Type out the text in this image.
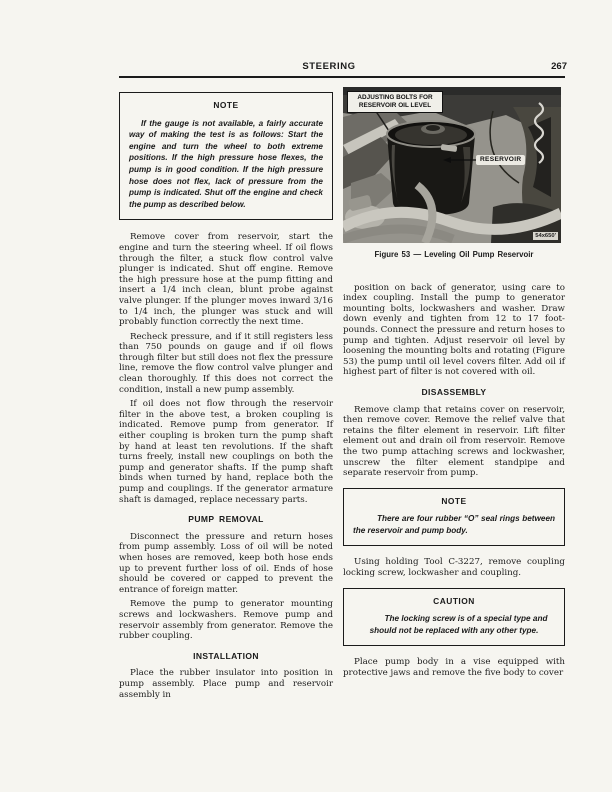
STEERING	267
NOTE
If the gauge is not available, a fairly accurate way of making the test is as follows: Start the engine and turn the wheel to both extreme positions. If the high pressure hose flexes, the pump is in good condition. If the high pressure hose does not flex, lack of pressure from the pump is indicated. Shut off the engine and check the pump as described below.

Remove cover from reservoir, start the engine and turn the steering wheel. If oil flows through the filter, a stuck flow control valve plunger is indicated. Shut off engine. Remove the high pressure hose at the pump fitting and insert a 1/4 inch clean, blunt probe against valve plunger. If the plunger moves inward 3/16 to 1/4 inch, the plunger was stuck and will probably function correctly the next time.

Recheck pressure, and if it still registers less than 750 pounds on gauge and if oil flows through filter but still does not flex the pressure line, remove the flow control valve plunger and clean thoroughly. If this does not correct the condition, install a new pump assembly.

If oil does not flow through the reservoir filter in the above test, a broken coupling is indicated. Remove pump from generator. If either coupling is broken turn the pump shaft by hand at least ten revolutions. If the shaft turns freely, install new couplings on both the pump and generator shafts. If the pump shaft binds when turned by hand, replace both the pump and couplings. If the generator armature shaft is damaged, replace necessary parts.

PUMP REMOVAL

Disconnect the pressure and return hoses from pump assembly. Loss of oil will be noted when hoses are removed, keep both hose ends up to prevent further loss of oil. Ends of hose should be covered or capped to prevent the entrance of foreign matter.

Remove the pump to generator mounting screws and lockwashers. Remove pump and reservoir assembly from generator. Remove the rubber coupling.

INSTALLATION

Place the rubber insulator into position in pump assembly. Place pump and reservoir assembly in

ADJUSTING BOLTS FOR RESERVOIR OIL LEVEL
RESERVOIR
54x650'
Figure 53 — Leveling Oil Pump Reservoir

position on back of generator, using care to index coupling. Install the pump to generator mounting bolts, lockwashers and washer. Draw down evenly and tighten from 12 to 17 foot-pounds. Connect the pressure and return hoses to pump and tighten. Adjust reservoir oil level by loosening the mounting bolts and rotating (Figure 53) the pump until oil level covers filter. Add oil if highest part of filter is not covered with oil.

DISASSEMBLY

Remove clamp that retains cover on reservoir, then remove cover. Remove the relief valve that retains the filter element in reservoir. Lift filter element out and drain oil from reservoir. Remove the two pump attaching screws and lockwasher, unscrew the filter element standpipe and separate reservoir from pump.

NOTE
There are four rubber “O” seal rings between the reservoir and pump body.

Using holding Tool C-3227, remove coupling locking screw, lockwasher and coupling.

CAUTION
The locking screw is of a special type and should not be replaced with any other type.

Place pump body in a vise equipped with protective jaws and remove the five body to cover
